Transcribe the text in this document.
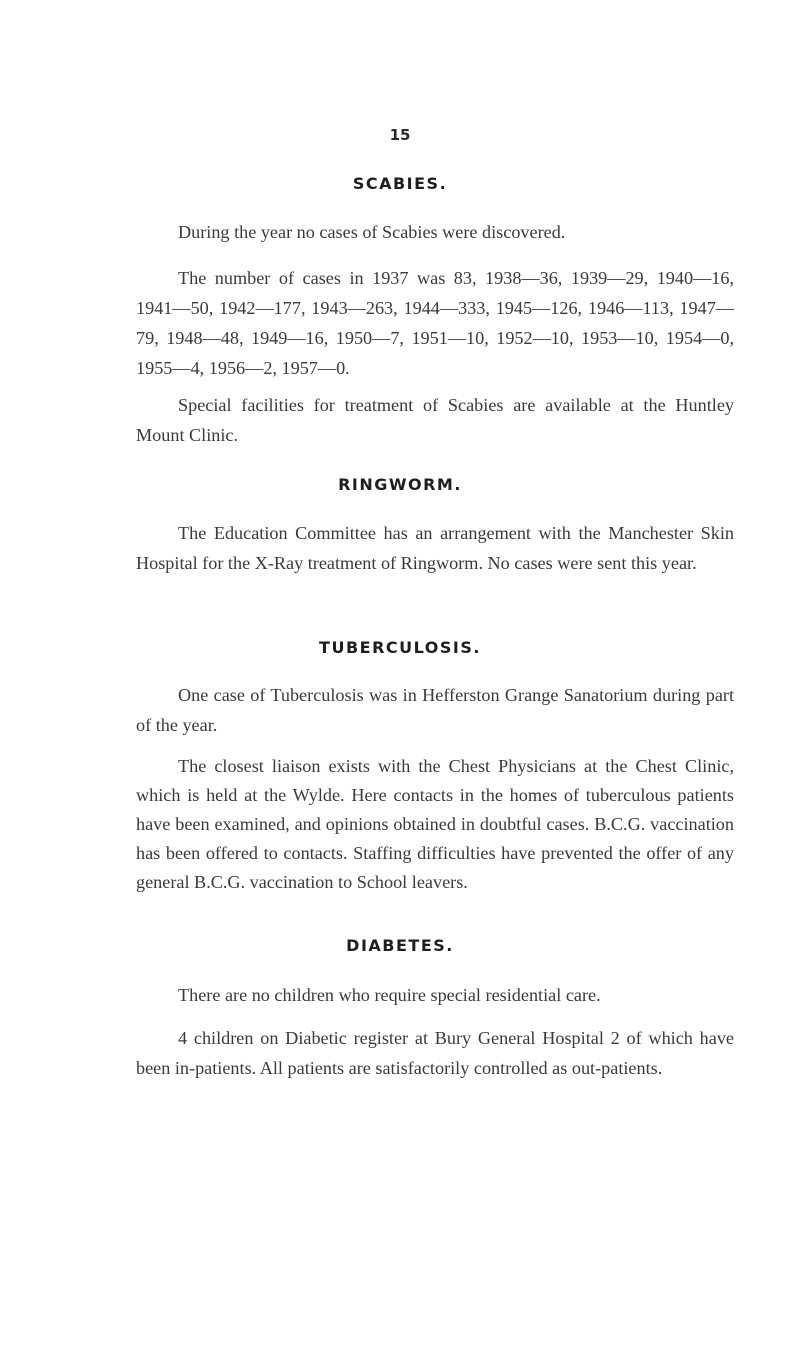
15
SCABIES.

During the year no cases of Scabies were discovered.

The number of cases in 1937 was 83, 1938—36, 1939—29, 1940—16, 1941—50, 1942—177, 1943—263, 1944—333, 1945—126, 1946—113, 1947—79, 1948—48, 1949—16, 1950—7, 1951—10, 1952—10, 1953—10, 1954—0, 1955—4, 1956—2, 1957—0.

Special facilities for treatment of Scabies are available at the Huntley Mount Clinic.

RINGWORM.

The Education Committee has an arrangement with the Manchester Skin Hospital for the X-Ray treatment of Ringworm. No cases were sent this year.

TUBERCULOSIS.

One case of Tuberculosis was in Hefferston Grange Sanatorium during part of the year.

The closest liaison exists with the Chest Physicians at the Chest Clinic, which is held at the Wylde. Here contacts in the homes of tuberculous patients have been examined, and opinions obtained in doubtful cases. B.C.G. vaccination has been offered to contacts. Staffing difficulties have prevented the offer of any general B.C.G. vaccination to School leavers.

DIABETES.

There are no children who require special residential care.

4 children on Diabetic register at Bury General Hospital 2 of which have been in-patients. All patients are satisfactorily controlled as out-patients.
